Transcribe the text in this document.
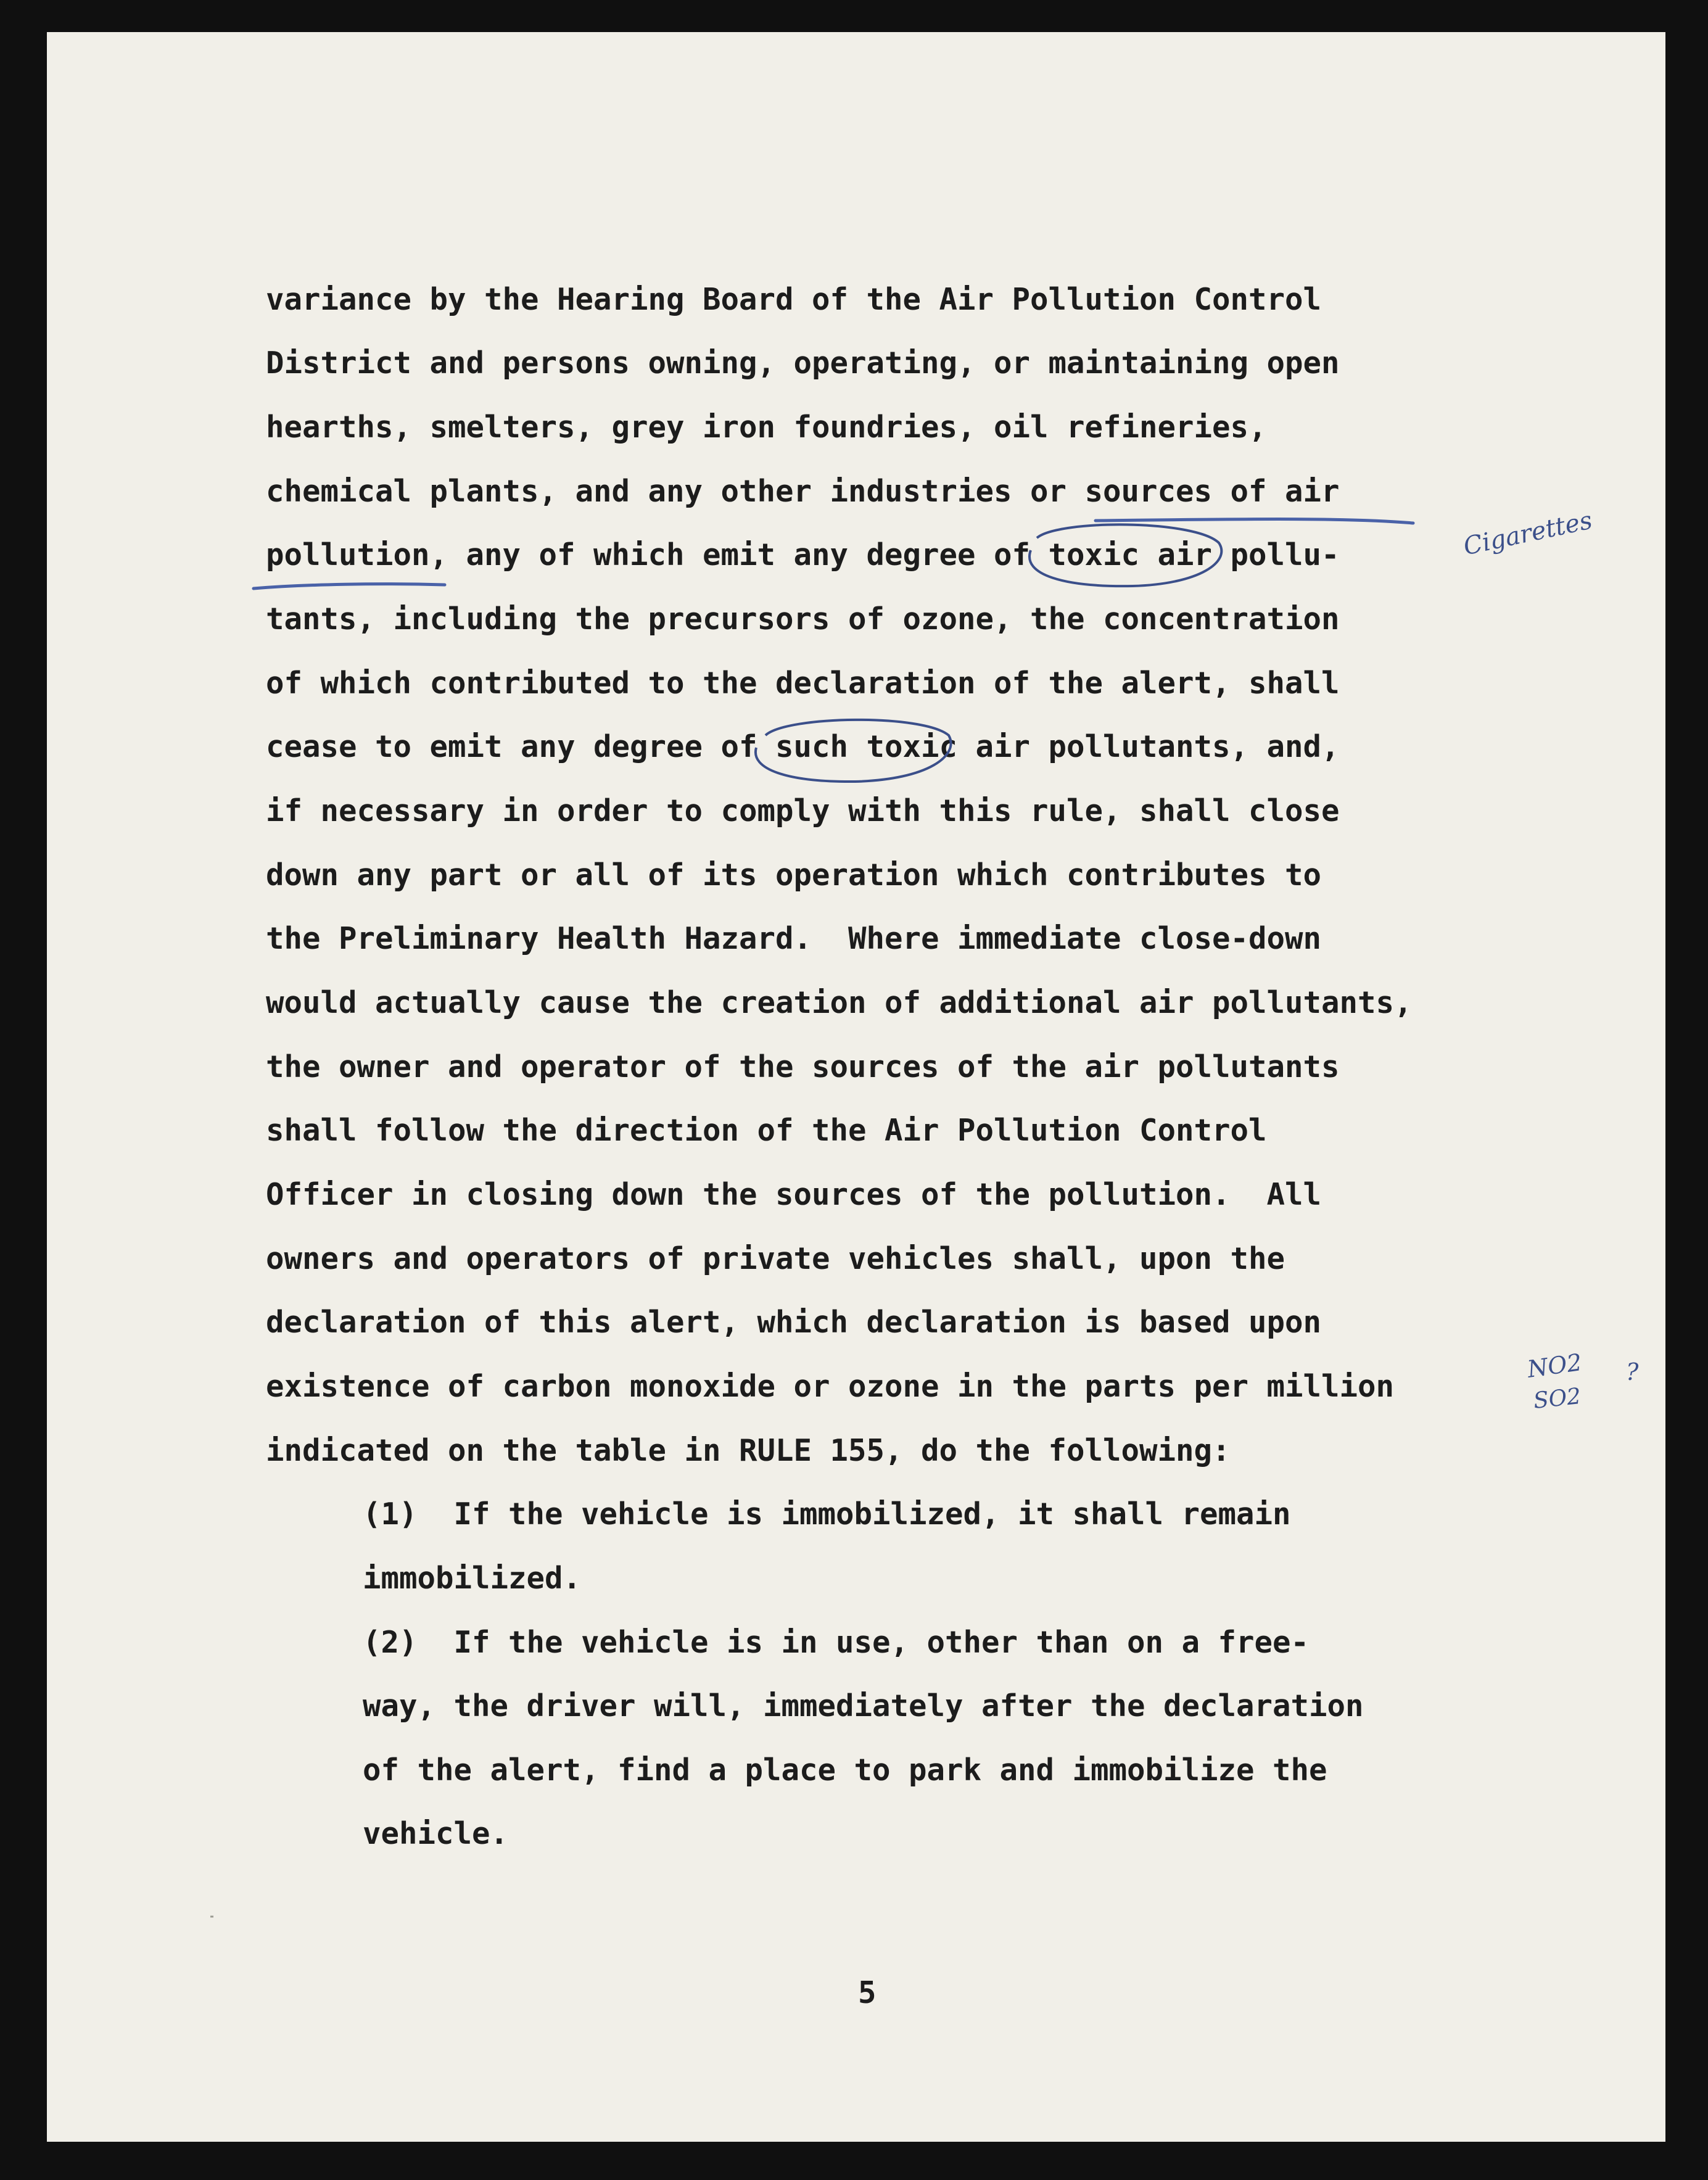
variance by the Hearing Board of the Air Pollution Control
District and persons owning, operating, or maintaining open
hearths, smelters, grey iron foundries, oil refineries,
chemical plants, and any other industries or sources of air
pollution, any of which emit any degree of toxic air pollu-
tants, including the precursors of ozone, the concentration
of which contributed to the declaration of the alert, shall
cease to emit any degree of such toxic air pollutants, and,
if necessary in order to comply with this rule, shall close
down any part or all of its operation which contributes to
the Preliminary Health Hazard.  Where immediate close-down
would actually cause the creation of additional air pollutants,
the owner and operator of the sources of the air pollutants
shall follow the direction of the Air Pollution Control
Officer in closing down the sources of the pollution.  All
owners and operators of private vehicles shall, upon the
declaration of this alert, which declaration is based upon
existence of carbon monoxide or ozone in the parts per million
indicated on the table in RULE 155, do the following:
(1)  If the vehicle is immobilized, it shall remain
immobilized.
(2)  If the vehicle is in use, other than on a free-
way, the driver will, immediately after the declaration
of the alert, find a place to park and immobilize the
vehicle.
5
Cigarettes
NO2
SO2
?
